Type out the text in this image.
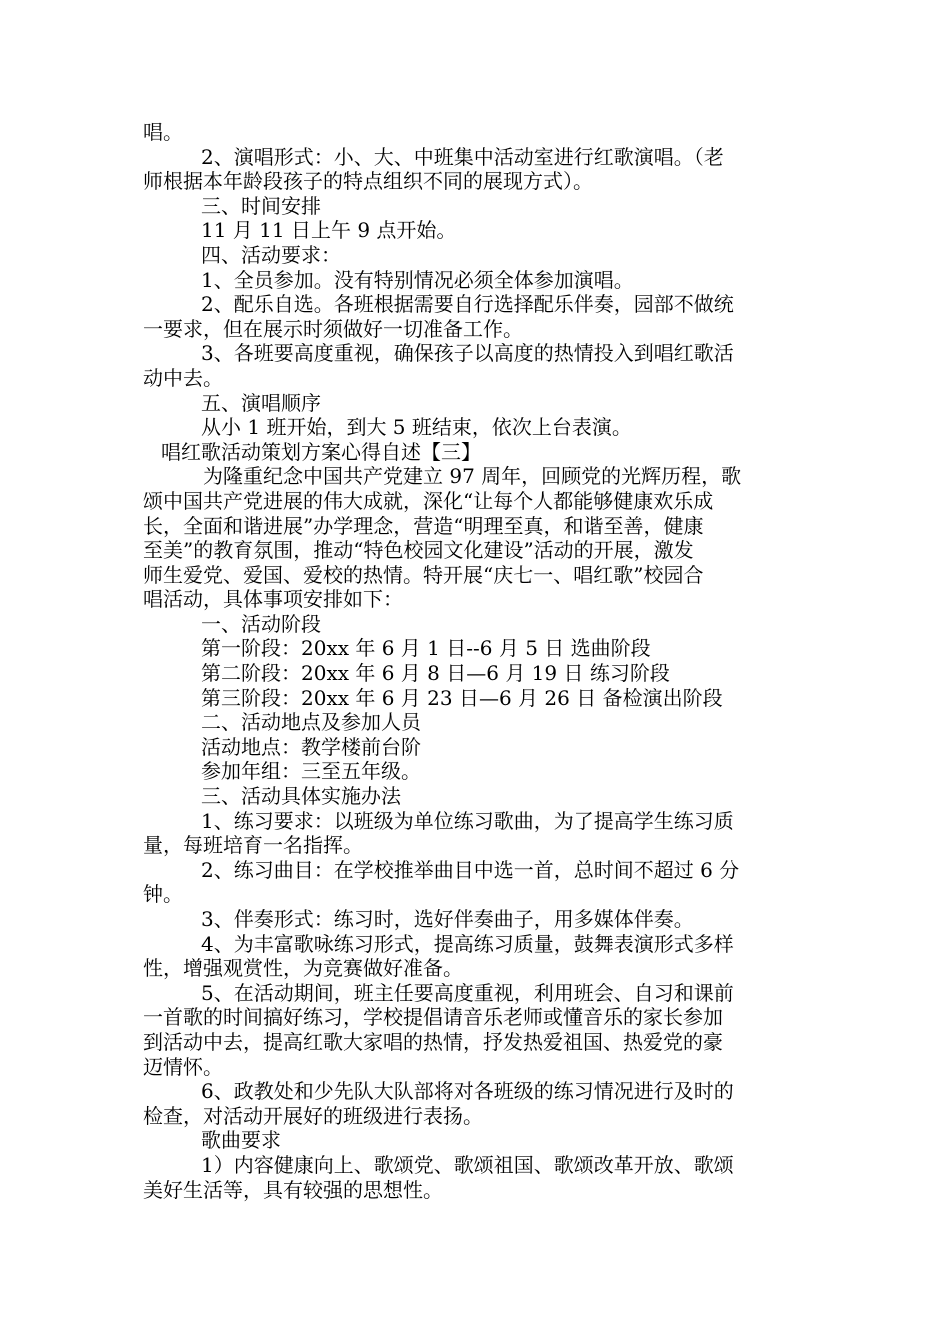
唱。
2、演唱形式：小、大、中班集中活动室进行红歌演唱。（老
师根据本年龄段孩子的特点组织不同的展现方式）。
三、时间安排
11 月 11 日上午 9 点开始。
四、活动要求：
1、全员参加。没有特别情况必须全体参加演唱。
2、配乐自选。各班根据需要自行选择配乐伴奏，园部不做统
一要求，但在展示时须做好一切准备工作。
3、各班要高度重视，确保孩子以高度的热情投入到唱红歌活
动中去。
五、演唱顺序
从小 1 班开始，到大 5 班结束，依次上台表演。
唱红歌活动策划方案心得自述【三】
为隆重纪念中国共产党建立 97 周年，回顾党的光辉历程，歌
颂中国共产党进展的伟大成就，深化“让每个人都能够健康欢乐成
长，全面和谐进展”办学理念，营造“明理至真，和谐至善，健康
至美”的教育氛围，推动“特色校园文化建设”活动的开展，激发
师生爱党、爱国、爱校的热情。特开展“庆七一、唱红歌”校园合
唱活动，具体事项安排如下：
一、活动阶段
第一阶段：20xx 年 6 月 1 日--6 月 5 日 选曲阶段
第二阶段：20xx 年 6 月 8 日—6 月 19 日 练习阶段
第三阶段：20xx 年 6 月 23 日—6 月 26 日 备检演出阶段
二、活动地点及参加人员
活动地点：教学楼前台阶
参加年组：三至五年级。
三、活动具体实施办法
1、练习要求：以班级为单位练习歌曲，为了提高学生练习质
量，每班培育一名指挥。
2、练习曲目：在学校推举曲目中选一首，总时间不超过 6 分
钟。
3、伴奏形式：练习时，选好伴奏曲子，用多媒体伴奏。
4、为丰富歌咏练习形式，提高练习质量，鼓舞表演形式多样
性，增强观赏性，为竞赛做好准备。
5、在活动期间，班主任要高度重视，利用班会、自习和课前
一首歌的时间搞好练习，学校提倡请音乐老师或懂音乐的家长参加
到活动中去，提高红歌大家唱的热情，抒发热爱祖国、热爱党的豪
迈情怀。
6、政教处和少先队大队部将对各班级的练习情况进行及时的
检查，对活动开展好的班级进行表扬。
歌曲要求
1）内容健康向上、歌颂党、歌颂祖国、歌颂改革开放、歌颂
美好生活等，具有较强的思想性。
